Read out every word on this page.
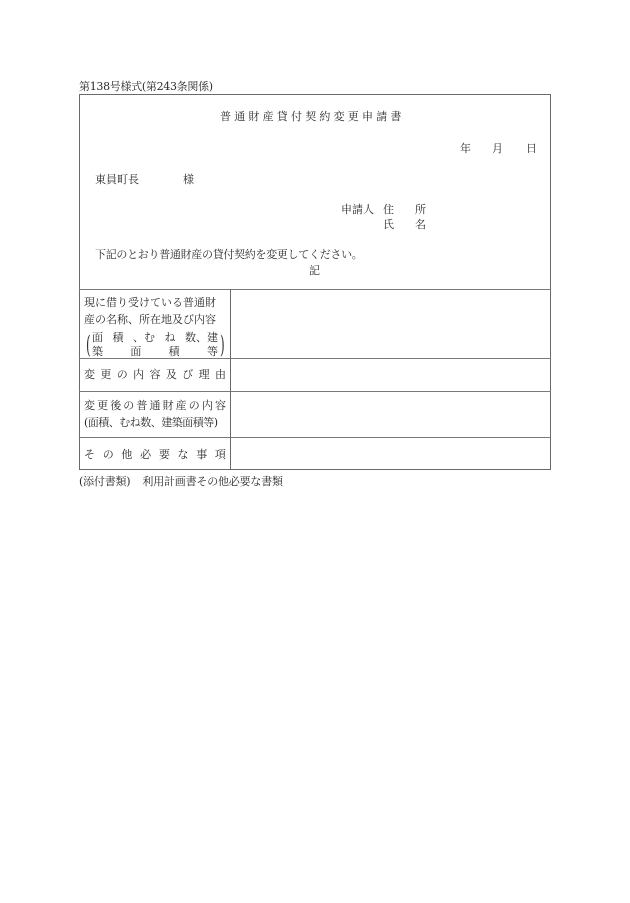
第138号様式(第243条関係)
普通財産貸付契約変更申請書
年 月 日
東員町長	様
申請人 住　所
氏　名
下記のとおり普通財産の貸付契約を変更してください。
記
現に借り受けている普通財
産の名称、所在地及び内容
( 面 積 、む ね 数、建
築 面 積 等 )
変 更 の 内 容 及 び 理 由
変 更 後 の 普 通 財 産 の 内 容
(面積、むね数、建築面積等)
そ の 他 必 要 な 事 項
(添付書類) 利用計画書その他必要な書類
